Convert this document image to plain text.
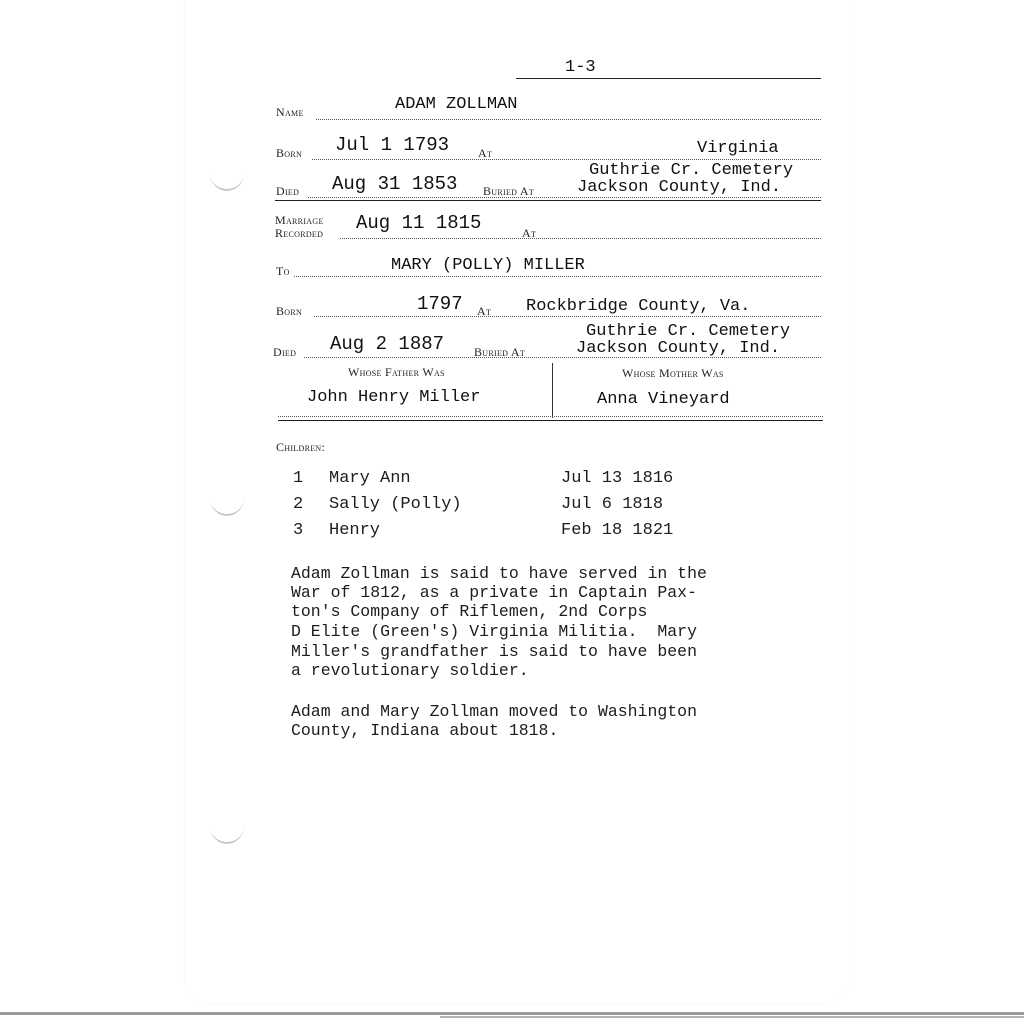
1-3
Name	ADAM ZOLLMAN
Born Jul 1 1793 At	Virginia
Died Aug 31 1853 Buried At
Guthrie Cr. Cemetery
Jackson County, Ind.
Marriage
Recorded Aug 11 1815	At
To	MARY (POLLY) MILLER
Born	1797 At Rockbridge County, Va.
Died Aug 2 1887 Buried At
Guthrie Cr. Cemetery
Jackson County, Ind.
Whose Father Was	Whose Mother Was
John Henry Miller	Anna Vineyard
Children:
1 Mary Ann	Jul 13 1816
2 Sally (Polly)	Jul 6 1818
3 Henry	Feb 18 1821
Adam Zollman is said to have served in the
War of 1812, as a private in Captain Pax-
ton's Company of Riflemen, 2nd Corps
D Elite (Green's) Virginia Militia.  Mary
Miller's grandfather is said to have been
a revolutionary soldier.
Adam and Mary Zollman moved to Washington
County, Indiana about 1818.
